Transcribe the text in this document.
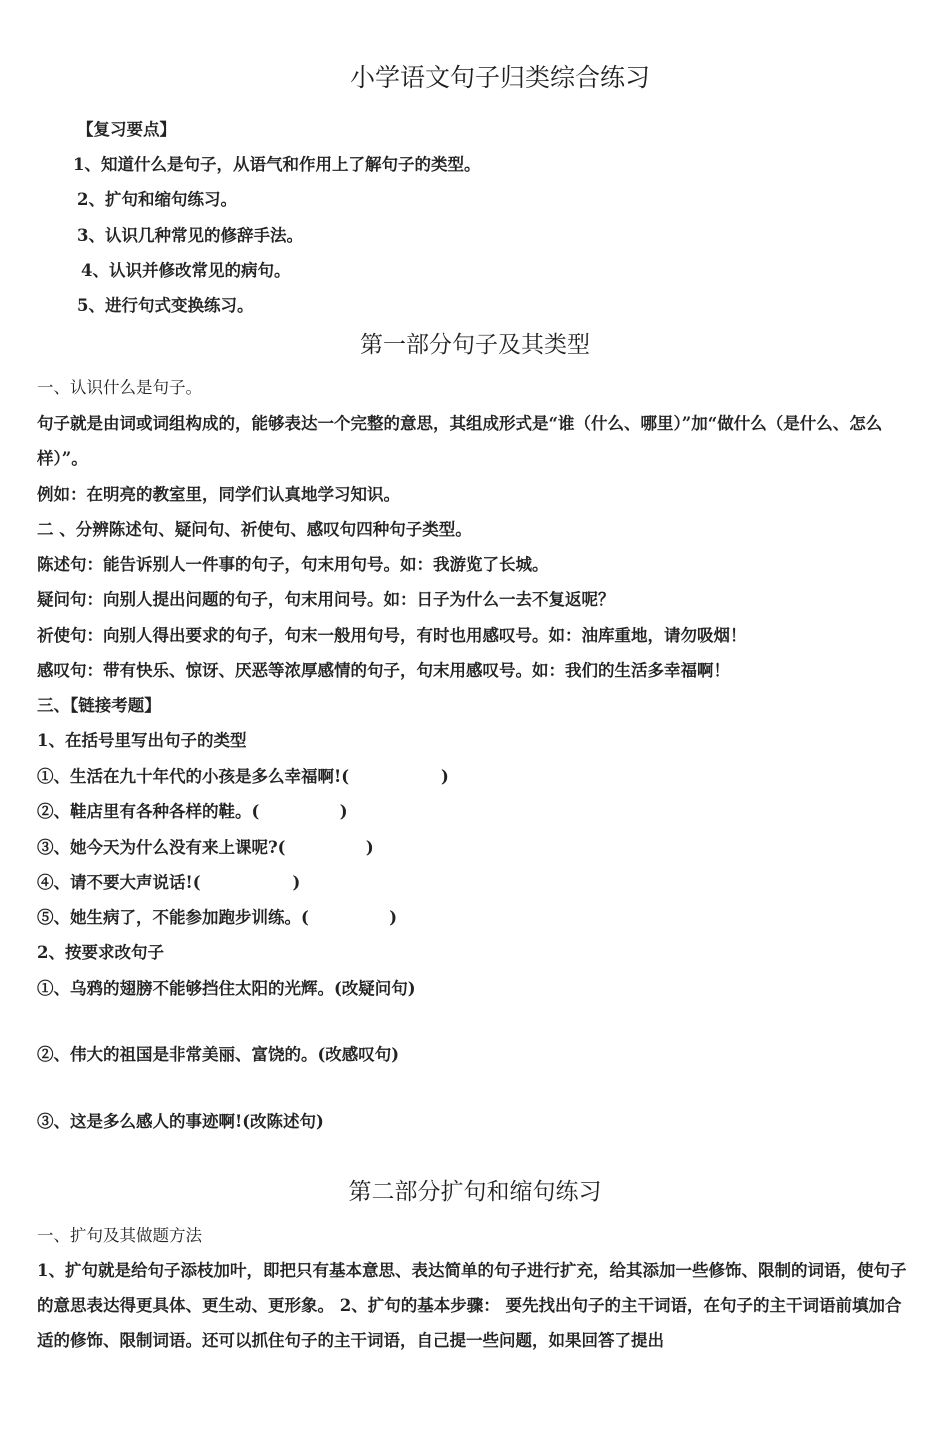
小学语文句子归类综合练习
【复习要点】
1、知道什么是句子，从语气和作用上了解句子的类型。
2、扩句和缩句练习。
3、认识几种常见的修辞手法。
4、认识并修改常见的病句。
5、进行句式变换练习。
第一部分句子及其类型
一、认识什么是句子。
句子就是由词或词组构成的，能够表达一个完整的意思，其组成形式是“谁（什么、哪里）”加“做什么（是什么、怎么样）”。
例如：在明亮的教室里，同学们认真地学习知识。
二 、分辨陈述句、疑问句、祈使句、感叹句四种句子类型。
陈述句：能告诉别人一件事的句子，句末用句号。如：我游览了长城。
疑问句：向别人提出问题的句子，句末用问号。如：日子为什么一去不复返呢？
祈使句：向别人得出要求的句子，句末一般用句号，有时也用感叹号。如：油库重地，请勿吸烟！
感叹句：带有快乐、惊讶、厌恶等浓厚感情的句子，句末用感叹号。如：我们的生活多幸福啊！
三、【链接考题】
1、在括号里写出句子的类型
①、生活在九十年代的小孩是多么幸福啊!(                )
②、鞋店里有各种各样的鞋。(              )
③、她今天为什么没有来上课呢?(              )
④、请不要大声说话!(                )
⑤、她生病了，不能参加跑步训练。(              )
2、按要求改句子
①、乌鸦的翅膀不能够挡住太阳的光辉。(改疑问句)
②、伟大的祖国是非常美丽、富饶的。(改感叹句)
③、这是多么感人的事迹啊!(改陈述句)
第二部分扩句和缩句练习
一、扩句及其做题方法
1、扩句就是给句子添枝加叶，即把只有基本意思、表达简单的句子进行扩充，给其添加一些修饰、限制的词语，使句子的意思表达得更具体、更生动、更形象。 2、扩句的基本步骤： 要先找出句子的主干词语，在句子的主干词语前填加合适的修饰、限制词语。还可以抓住句子的主干词语，自己提一些问题，如果回答了提出
